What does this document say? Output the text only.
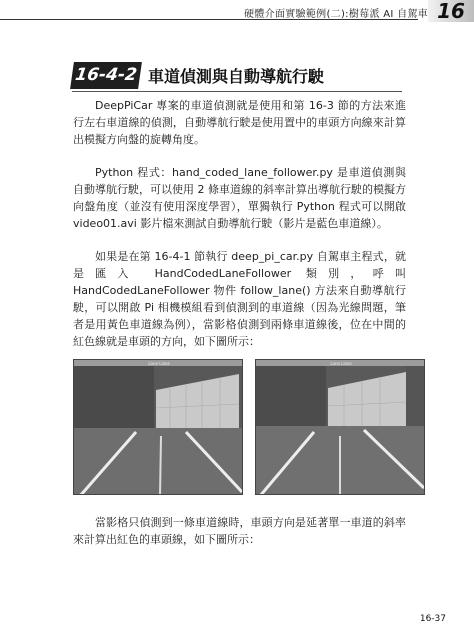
硬體介面實驗範例(二):樹莓派 AI 自駕車 16
16-4-2 車道偵測與自動導航行駛

DeepPiCar 專案的車道偵測就是使用和第 16-3 節的方法來進行左右車道線的偵測，自動導航行駛是使用置中的車頭方向線來計算出模擬方向盤的旋轉角度。

Python 程式：hand_coded_lane_follower.py 是車道偵測與自動導航行駛，可以使用 2 條車道線的斜率計算出導航行駛的模擬方向盤角度（並沒有使用深度學習），單獨執行 Python 程式可以開啟 video01.avi 影片檔來測試自動導航行駛（影片是藍色車道線）。

如果是在第 16-4-1 節執行 deep_pi_car.py 自駕車主程式，就是匯入 HandCodedLaneFollower 類別，呼叫 HandCodedLaneFollower 物件 follow_lane() 方法來自動導航行駛，可以開啟 Pi 相機模組看到偵測到的車道線（因為光線問題，筆者是用黃色車道線為例），當影格偵測到兩條車道線後，位在中間的紅色線就是車頭的方向，如下圖所示：

Lane Lines	Lane Lines

當影格只偵測到一條車道線時，車頭方向是延著單一車道的斜率來計算出紅色的車頭線，如下圖所示：

16-37
